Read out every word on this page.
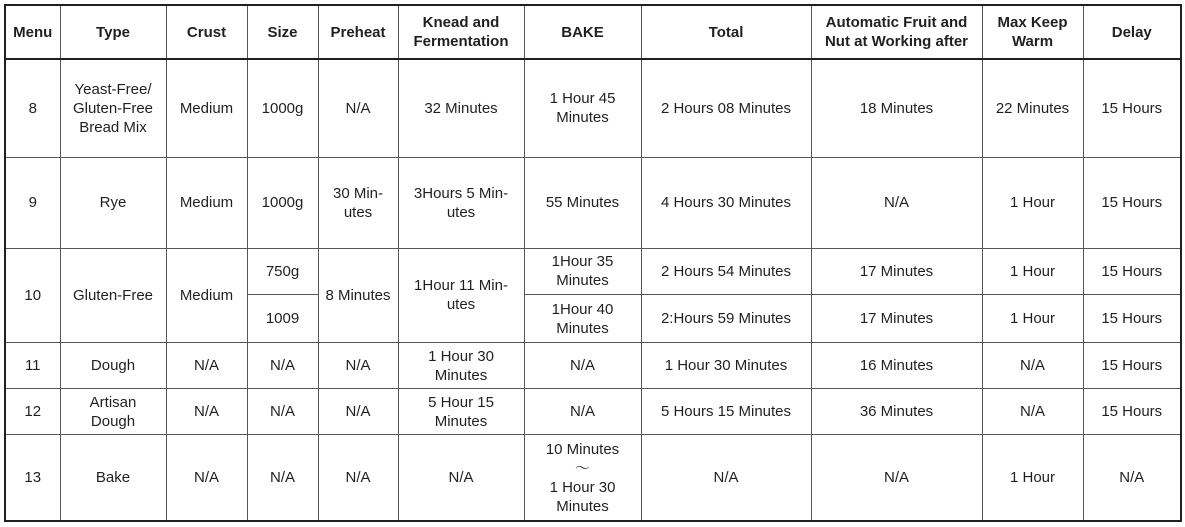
Menu	Type	Crust	Size	Preheat	Knead and
Fermentation	BAKE	Total	Automatic Fruit and
Nut at Working after	Max Keep
Warm	Delay
8	Yeast-Free/
Gluten-Free
Bread Mix	Medium	1000g	N/A	32 Minutes	1 Hour 45
Minutes	2 Hours 08 Minutes	18 Minutes	22 Minutes	15 Hours
9	Rye	Medium	1000g	30 Min-
utes	3Hours 5 Min-
utes	55 Minutes	4 Hours 30 Minutes	N/A	1 Hour	15 Hours
10	Gluten-Free	Medium	750g	8 Minutes	1Hour 11 Min-
utes	1Hour 35
Minutes	2 Hours 54 Minutes	17 Minutes	1 Hour	15 Hours
			1009			1Hour 40
Minutes	2:Hours 59 Minutes	17 Minutes	1 Hour	15 Hours
11	Dough	N/A	N/A	N/A	1 Hour 30
Minutes	N/A	1 Hour 30 Minutes	16 Minutes	N/A	15 Hours
12	Artisan
Dough	N/A	N/A	N/A	5 Hour 15
Minutes	N/A	5 Hours 15 Minutes	36 Minutes	N/A	15 Hours
13	Bake	N/A	N/A	N/A	N/A	10 Minutes
〜
1 Hour 30
Minutes	N/A	N/A	1 Hour	N/A
